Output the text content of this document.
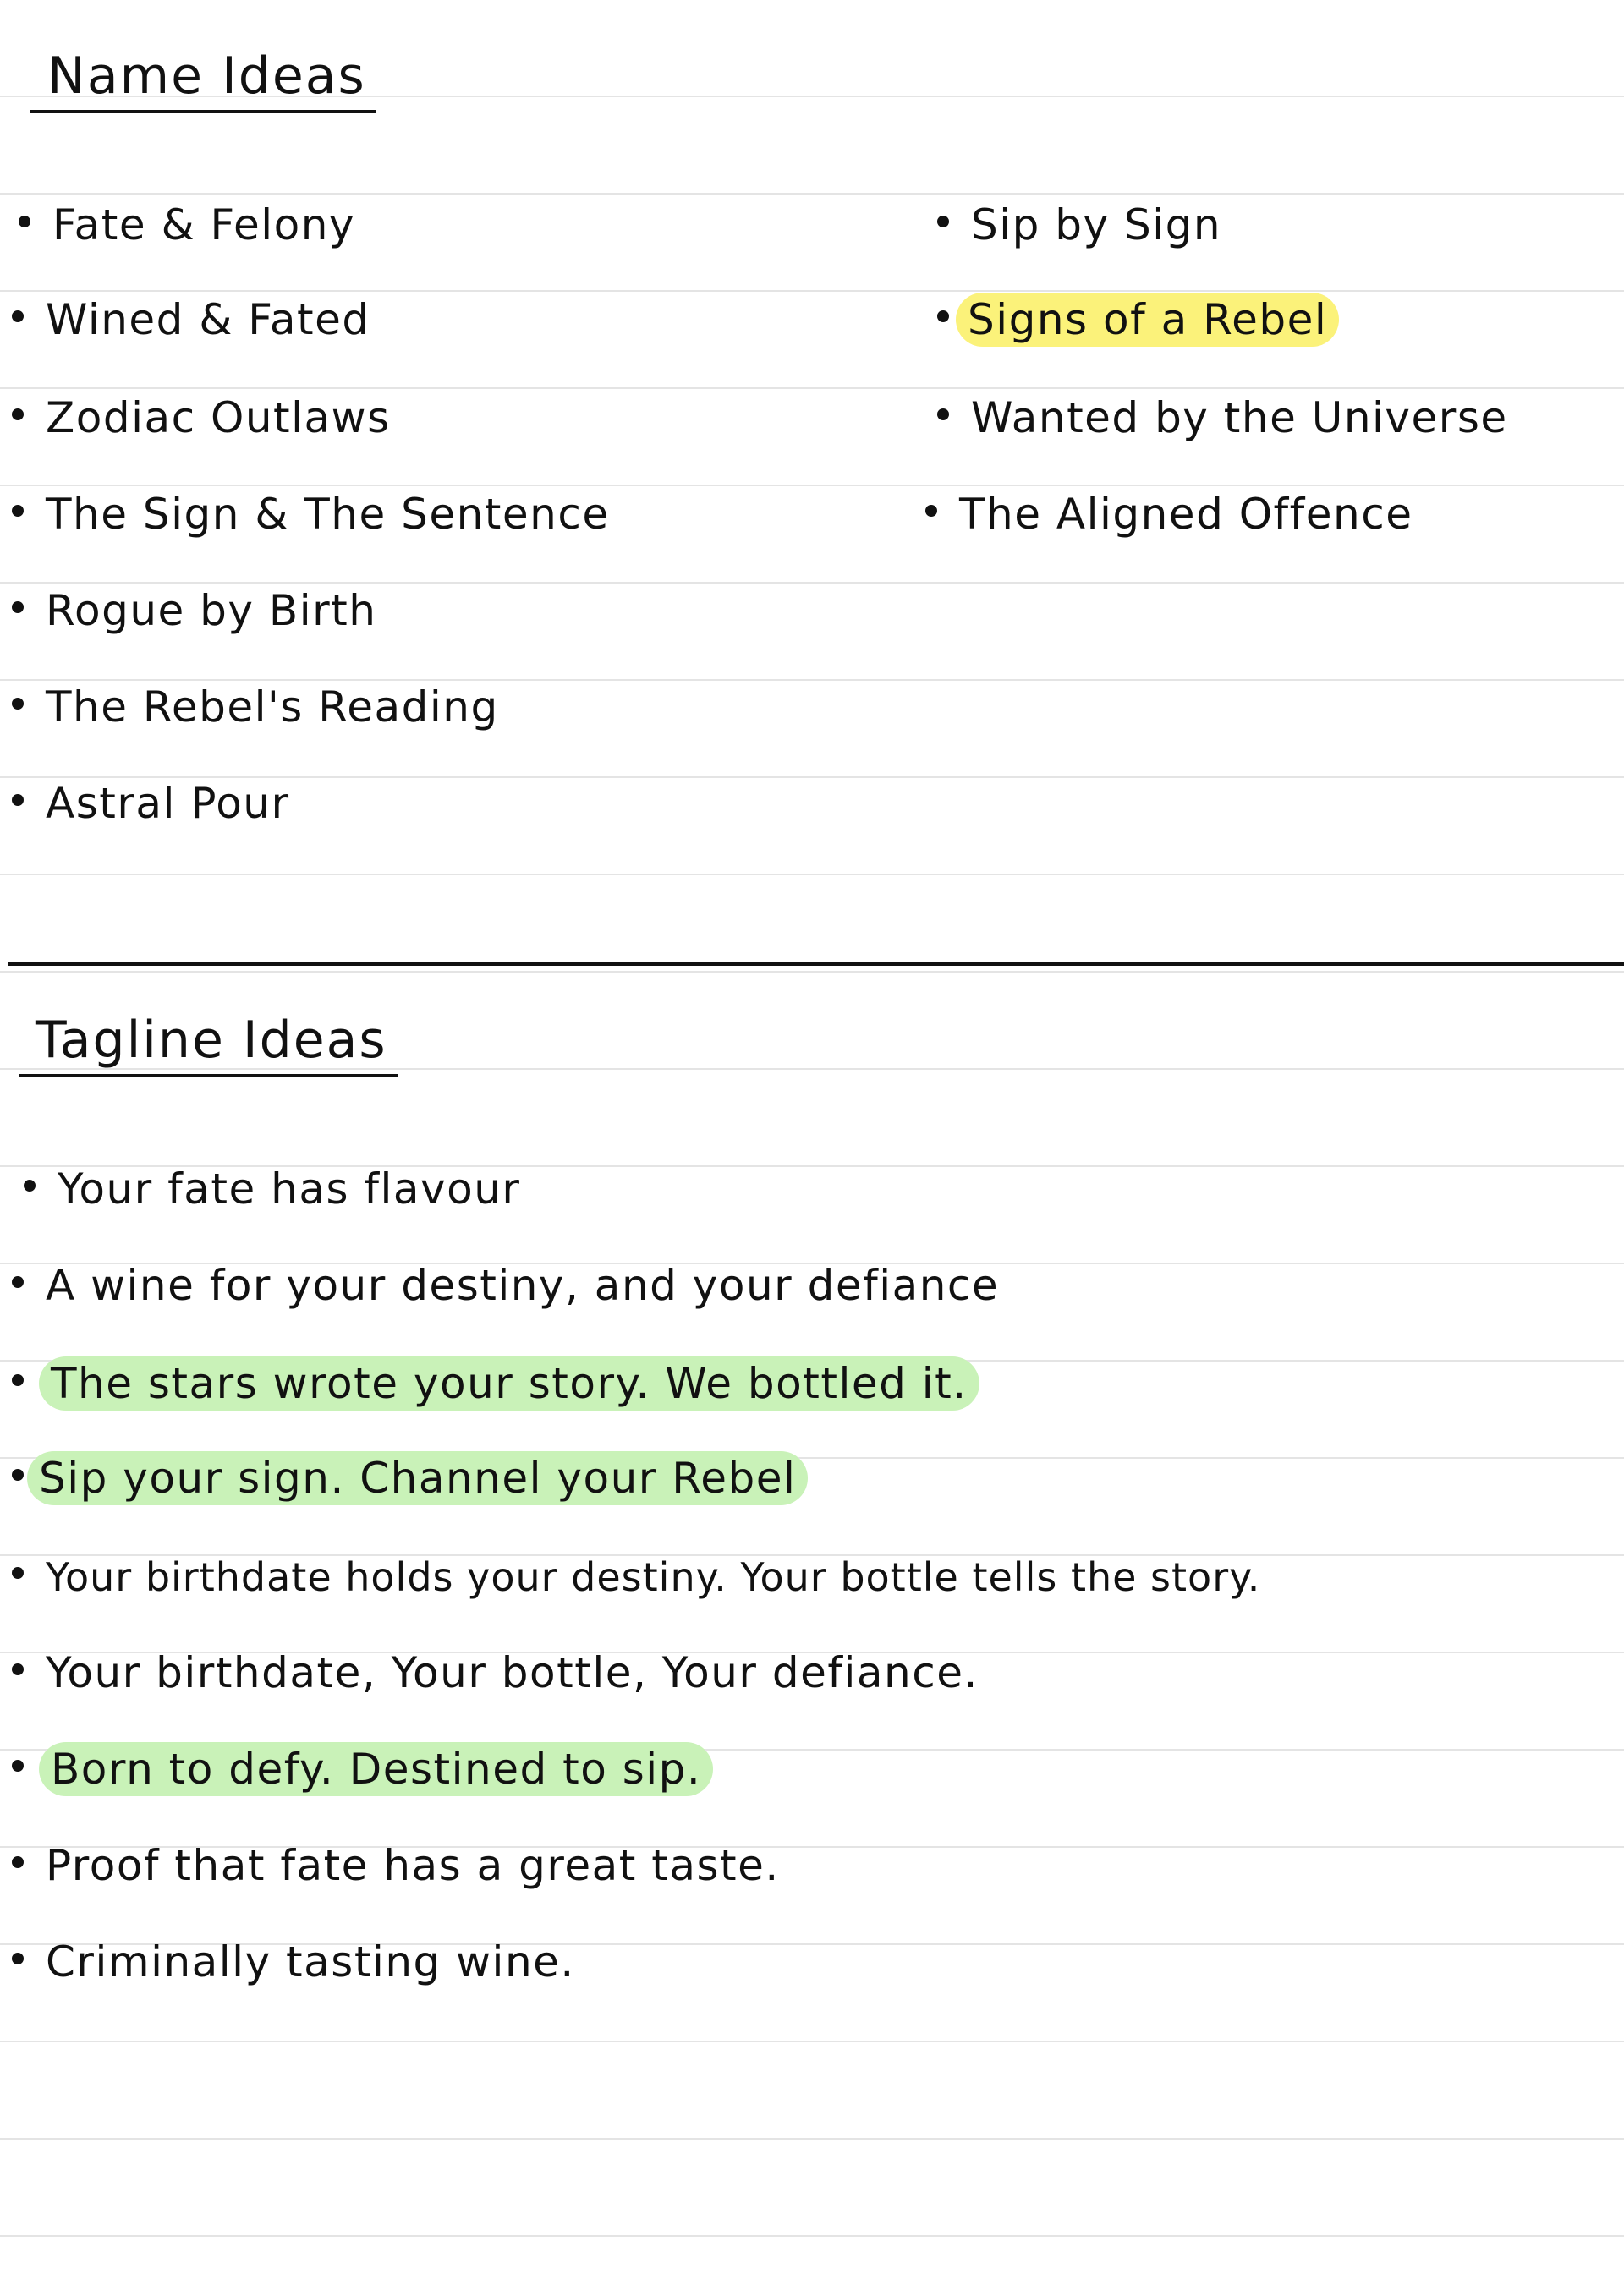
Name Ideas
Fate & Felony
Wined & Fated
Zodiac Outlaws
The Sign & The Sentence
Rogue by Birth
The Rebel's Reading
Astral Pour
Sip by Sign
Signs of a Rebel
Wanted by the Universe
The Aligned Offence
Tagline Ideas
Your fate has flavour
A wine for your destiny, and your defiance
The stars wrote your story. We bottled it.
Sip your sign. Channel your Rebel
Your birthdate holds your destiny. Your bottle tells the story.
Your birthdate, Your bottle, Your defiance.
Born to defy. Destined to sip.
Proof that fate has a great taste.
Criminally tasting wine.
